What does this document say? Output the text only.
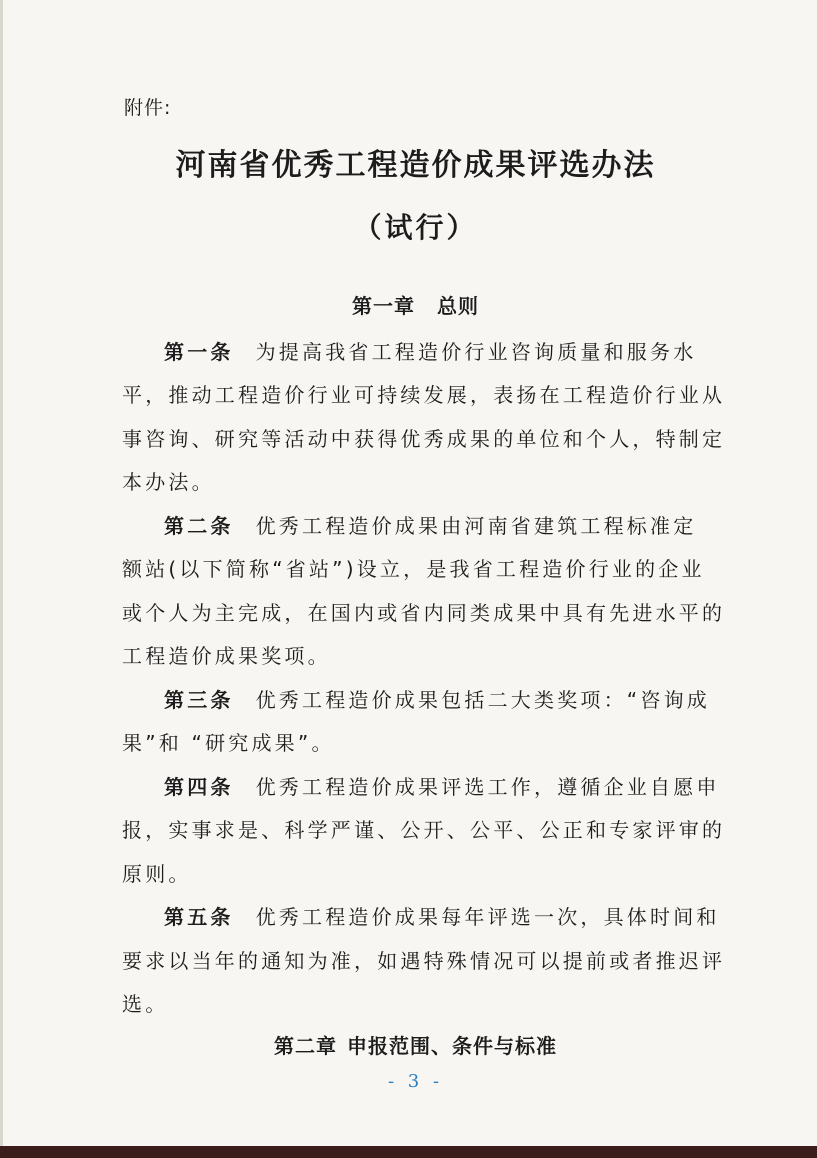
附件:
河南省优秀工程造价成果评选办法
（试行）
第一章 总则
第一条 为提高我省工程造价行业咨询质量和服务水
平，推动工程造价行业可持续发展，表扬在工程造价行业从
事咨询、研究等活动中获得优秀成果的单位和个人，特制定
本办法。
第二条 优秀工程造价成果由河南省建筑工程标准定
额站(以下简称“省站”)设立，是我省工程造价行业的企业
或个人为主完成，在国内或省内同类成果中具有先进水平的
工程造价成果奖项。
第三条 优秀工程造价成果包括二大类奖项：“咨询成
果”和 “研究成果”。
第四条 优秀工程造价成果评选工作，遵循企业自愿申
报，实事求是、科学严谨、公开、公平、公正和专家评审的
原则。
第五条 优秀工程造价成果每年评选一次，具体时间和
要求以当年的通知为准，如遇特殊情况可以提前或者推迟评
选。
第二章 申报范围、条件与标准
- 3 -
